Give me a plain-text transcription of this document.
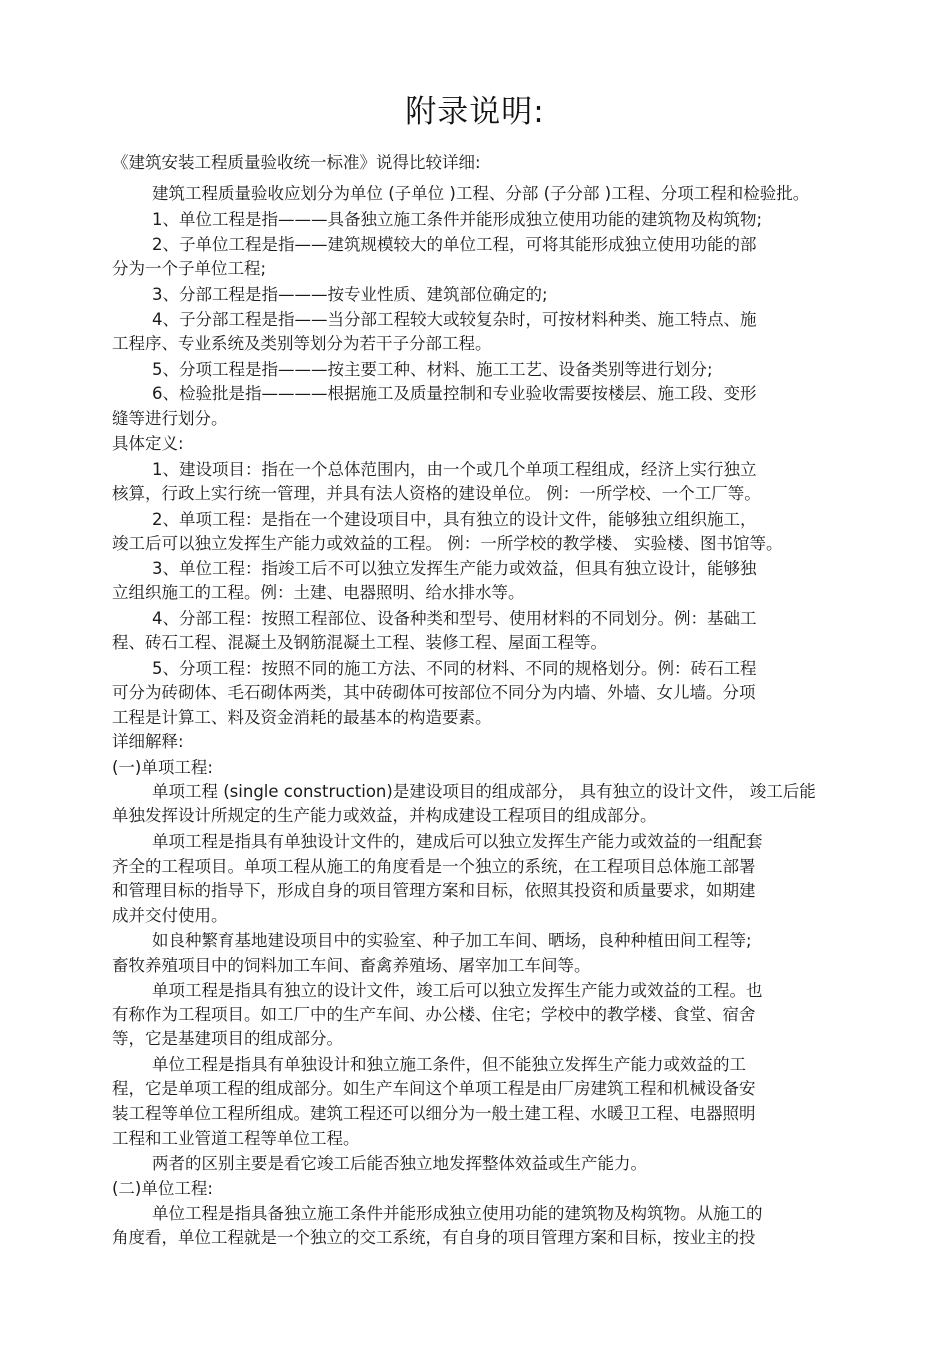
附录说明:
《建筑安装工程质量验收统一标准》说得比较详细:
建筑工程质量验收应划分为单位 (子单位 )工程、分部 (子分部 )工程、分项工程和检验批。
1、单位工程是指———具备独立施工条件并能形成独立使用功能的建筑物及构筑物;
2、子单位工程是指——建筑规模较大的单位工程，可将其能形成独立使用功能的部
分为一个子单位工程;
3、分部工程是指———按专业性质、建筑部位确定的;
4、子分部工程是指——当分部工程较大或较复杂时，可按材料种类、施工特点、施
工程序、专业系统及类别等划分为若干子分部工程。
5、分项工程是指———按主要工种、材料、施工工艺、设备类别等进行划分;
6、检验批是指————根据施工及质量控制和专业验收需要按楼层、施工段、变形
缝等进行划分。
具体定义:
1、建设项目：指在一个总体范围内，由一个或几个单项工程组成，经济上实行独立
核算，行政上实行统一管理，并具有法人资格的建设单位。 例：一所学校、一个工厂等。
2、单项工程：是指在一个建设项目中，具有独立的设计文件，能够独立组织施工，
竣工后可以独立发挥生产能力或效益的工程。 例：一所学校的教学楼、 实验楼、图书馆等。
3、单位工程：指竣工后不可以独立发挥生产能力或效益，但具有独立设计，能够独
立组织施工的工程。例：土建、电器照明、给水排水等。
4、分部工程：按照工程部位、设备种类和型号、使用材料的不同划分。例：基础工
程、砖石工程、混凝土及钢筋混凝土工程、装修工程、屋面工程等。
5、分项工程：按照不同的施工方法、不同的材料、不同的规格划分。例：砖石工程
可分为砖砌体、毛石砌体两类，其中砖砌体可按部位不同分为内墙、外墙、女儿墙。分项
工程是计算工、料及资金消耗的最基本的构造要素。
详细解释:
(一)单项工程:
单项工程 (single construction)是建设项目的组成部分， 具有独立的设计文件， 竣工后能
单独发挥设计所规定的生产能力或效益，并构成建设工程项目的组成部分。
单项工程是指具有单独设计文件的，建成后可以独立发挥生产能力或效益的一组配套
齐全的工程项目。单项工程从施工的角度看是一个独立的系统，在工程项目总体施工部署
和管理目标的指导下，形成自身的项目管理方案和目标，依照其投资和质量要求，如期建
成并交付使用。
如良种繁育基地建设项目中的实验室、种子加工车间、晒场，良种种植田间工程等;
畜牧养殖项目中的饲料加工车间、畜禽养殖场、屠宰加工车间等。
单项工程是指具有独立的设计文件，竣工后可以独立发挥生产能力或效益的工程。也
有称作为工程项目。如工厂中的生产车间、办公楼、住宅；学校中的教学楼、食堂、宿舍
等，它是基建项目的组成部分。
单位工程是指具有单独设计和独立施工条件，但不能独立发挥生产能力或效益的工
程，它是单项工程的组成部分。如生产车间这个单项工程是由厂房建筑工程和机械设备安
装工程等单位工程所组成。建筑工程还可以细分为一般土建工程、水暖卫工程、电器照明
工程和工业管道工程等单位工程。
两者的区别主要是看它竣工后能否独立地发挥整体效益或生产能力。
(二)单位工程:
单位工程是指具备独立施工条件并能形成独立使用功能的建筑物及构筑物。从施工的
角度看，单位工程就是一个独立的交工系统，有自身的项目管理方案和目标，按业主的投
